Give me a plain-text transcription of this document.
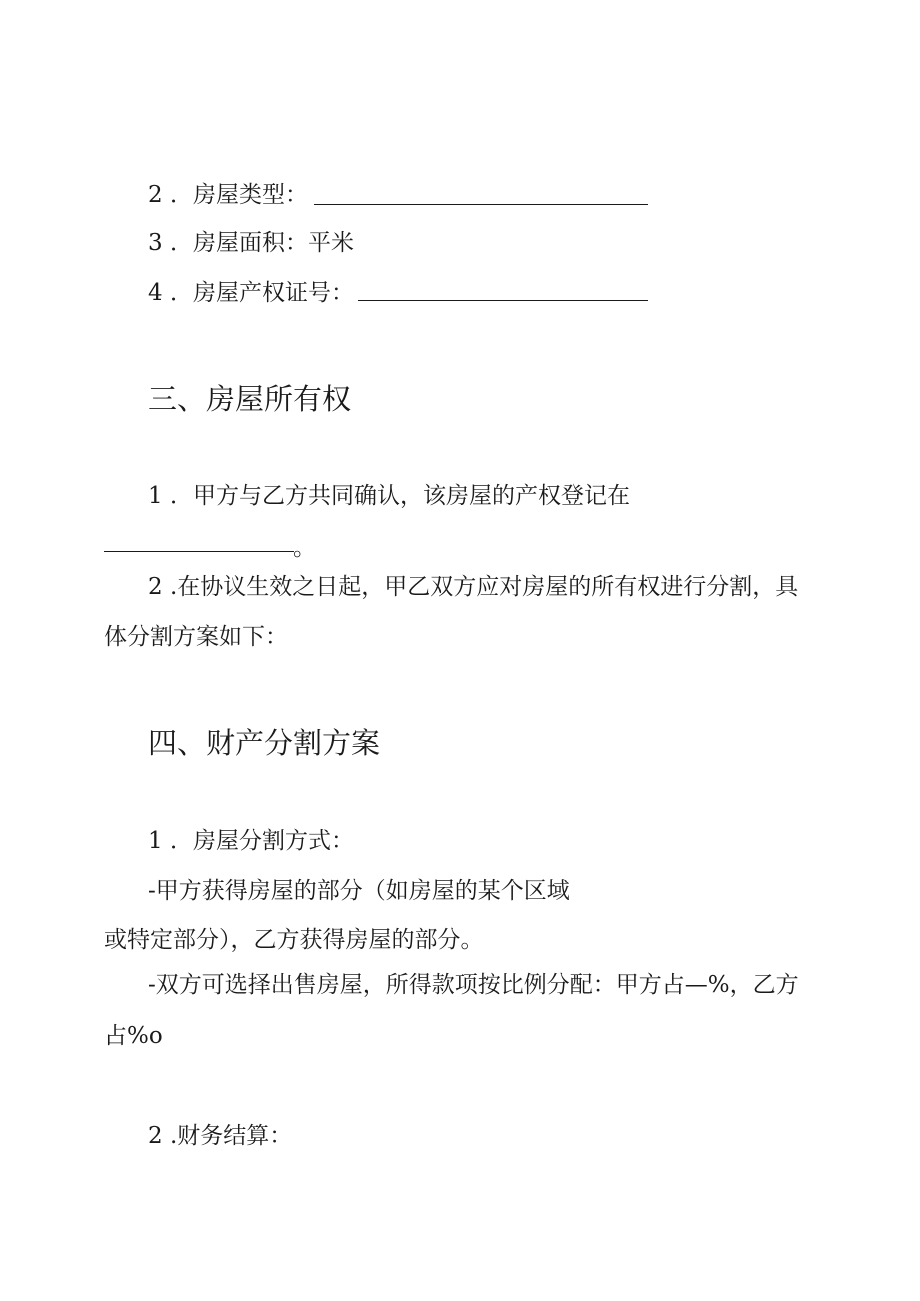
2 ．房屋类型：
3 ．房屋面积：平米
4 ．房屋产权证号：
三、房屋所有权
1 ．甲方与乙方共同确认，该房屋的产权登记在
。
2 .在协议生效之日起，甲乙双方应对房屋的所有权进行分割，具
体分割方案如下：
四、财产分割方案
1 ．房屋分割方式：
-甲方获得房屋的部分（如房屋的某个区域
或特定部分），乙方获得房屋的部分。
-双方可选择出售房屋，所得款项按比例分配：甲方占—%，乙方
占%o
2 .财务结算：
